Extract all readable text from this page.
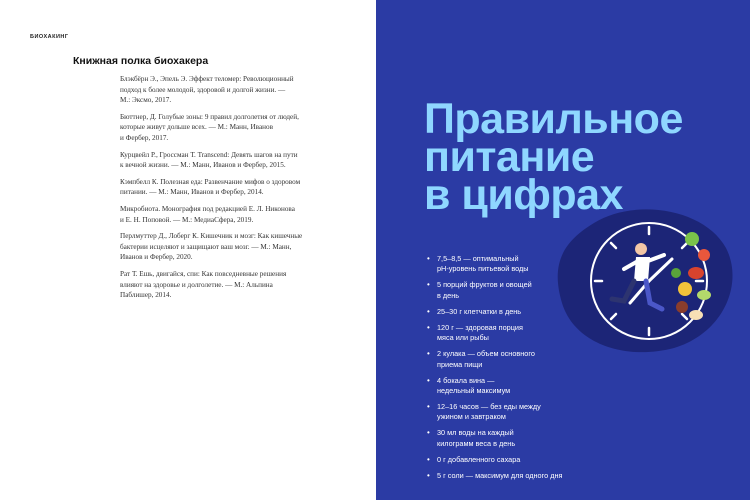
БИОХАКИНГ
Книжная полка биохакера
Блэкбёрн Э., Эпель Э. Эффект теломер: Революционный
подход к более молодой, здоровой и долгой жизни. —
М.: Эксмо, 2017.
Бюттнер, Д. Голубые зоны: 9 правил долголетия от людей,
которые живут дольше всех. — М.: Манн, Иванов
и Фербер, 2017.
Курцвейл Р., Гроссман Т. Transcend: Девять шагов на пути
к вечной жизни. — М.: Манн, Иванов и Фербер, 2015.
Кэмпбелл К. Полезная еда: Развенчание мифов о здоровом
питании. — М.: Манн, Иванов и Фербер, 2014.
Микробиота. Монография под редакцией Е. Л. Никонова
и Е. Н. Поповой. — М.: МедиаСфера, 2019.
Перлмуттер Д., Лоберг К. Кишечник и мозг: Как кишечные
бактерии исцеляют и защищают ваш мозг. — М.: Манн,
Иванов и Фербер, 2020.
Рат Т. Ешь, двигайся, спи: Как повседневные решения
влияют на здоровье и долголетие. — М.: Альпина
Паблишер, 2014.
Правильное
питание
в цифрах
• 7,5–8,5 — оптимальный
pH-уровень питьевой воды
• 5 порций фруктов и овощей
в день
• 25–30 г клетчатки в день
• 120 г — здоровая порция
мяса или рыбы
• 2 кулака — объем основного
приема пищи
• 4 бокала вина —
недельный максимум
• 12–16 часов — без еды между
ужином и завтраком
• 30 мл воды на каждый
килограмм веса в день
• 0 г добавленного сахара
• 5 г соли — максимум для одного дня
